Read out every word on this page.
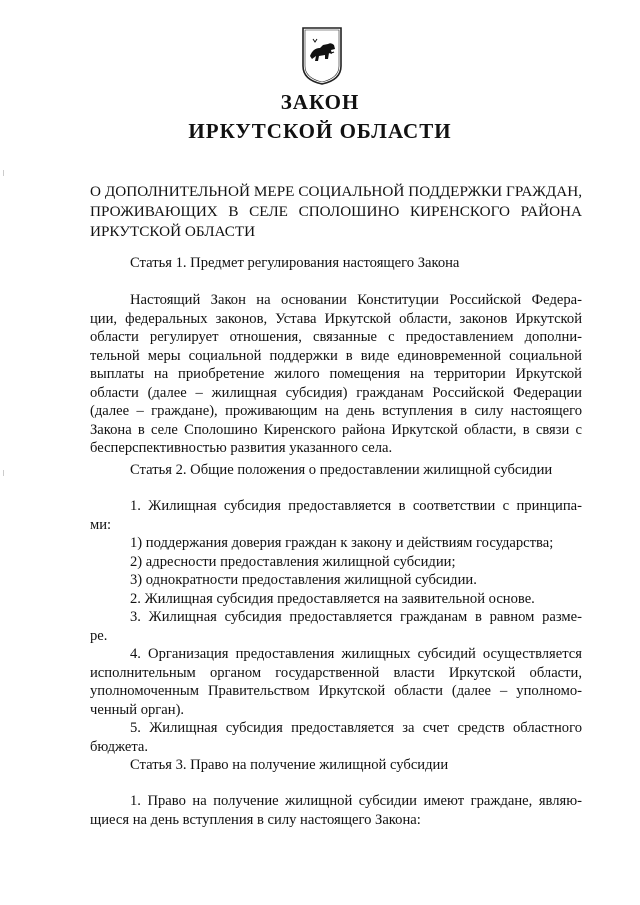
ЗАКОН
ИРКУТСКОЙ ОБЛАСТИ
О ДОПОЛНИТЕЛЬНОЙ МЕРЕ СОЦИАЛЬНОЙ ПОДДЕРЖКИ ГРАЖДАН,
ПРОЖИВАЮЩИХ В СЕЛЕ СПОЛОШИНО КИРЕНСКОГО РАЙОНА
ИРКУТСКОЙ ОБЛАСТИ
Статья 1. Предмет регулирования настоящего Закона
Настоящий Закон на основании Конституции Российской Федера-
ции, федеральных законов, Устава Иркутской области, законов Иркутской
области регулирует отношения, связанные с предоставлением дополни-
тельной меры социальной поддержки в виде единовременной социальной
выплаты на приобретение жилого помещения на территории Иркутской
области (далее – жилищная субсидия) гражданам Российской Федерации
(далее – граждане), проживающим на день вступления в силу настоящего
Закона в селе Сполошино Киренского района Иркутской области, в связи с
бесперспективностью развития указанного села.
Статья 2. Общие положения о предоставлении жилищной субсидии
1. Жилищная субсидия предоставляется в соответствии с принципа-
ми:
1) поддержания доверия граждан к закону и действиям государства;
2) адресности предоставления жилищной субсидии;
3) однократности предоставления жилищной субсидии.
2. Жилищная субсидия предоставляется на заявительной основе.
3. Жилищная субсидия предоставляется гражданам в равном разме-
ре.
4. Организация предоставления жилищных субсидий осуществляется
исполнительным органом государственной власти Иркутской области,
уполномоченным Правительством Иркутской области (далее – уполномо-
ченный орган).
5. Жилищная субсидия предоставляется за счет средств областного
бюджета.
Статья 3. Право на получение жилищной субсидии
1. Право на получение жилищной субсидии имеют граждане, являю-
щиеся на день вступления в силу настоящего Закона:
